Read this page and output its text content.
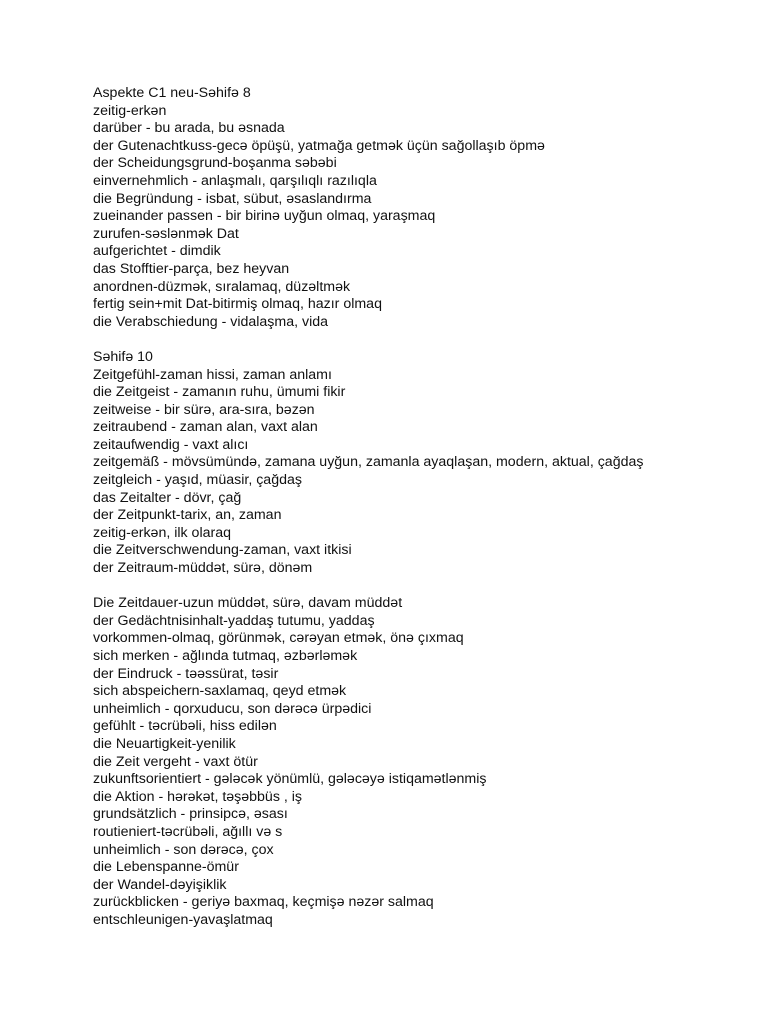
Aspekte C1 neu-Səhifə 8
zeitig-erkən
darüber - bu arada, bu əsnada
der Gutenachtkuss-gecə öpüşü, yatmağa getmək üçün sağollaşıb öpmə
der Scheidungsgrund-boşanma səbəbi
einvernehmlich - anlaşmalı, qarşılıqlı razılıqla
die Begründung - isbat, sübut, əsaslandırma
zueinander passen - bir birinə uyğun olmaq, yaraşmaq
zurufen-səslənmək Dat
aufgerichtet - dimdik
das Stofftier-parça, bez heyvan
anordnen-düzmək, sıralamaq, düzəltmək
fertig sein+mit Dat-bitirmiş olmaq, hazır olmaq
die Verabschiedung - vidalaşma, vida
Səhifə 10
Zeitgefühl-zaman hissi, zaman anlamı
die Zeitgeist - zamanın ruhu, ümumi fikir
zeitweise - bir sürə, ara-sıra, bəzən
zeitraubend - zaman alan, vaxt alan
zeitaufwendig - vaxt alıcı
zeitgemäß - mövsümündə, zamana uyğun, zamanla ayaqlaşan, modern, aktual, çağdaş
zeitgleich - yaşıd, müasir, çağdaş
das Zeitalter - dövr, çağ
der Zeitpunkt-tarix, an, zaman
zeitig-erkən, ilk olaraq
die Zeitverschwendung-zaman, vaxt itkisi
der Zeitraum-müddət, sürə, dönəm
Die Zeitdauer-uzun müddət, sürə, davam müddət
der Gedächtnisinhalt-yaddaş tutumu, yaddaş
vorkommen-olmaq, görünmək, cərəyan etmək, önə çıxmaq
sich merken - ağlında tutmaq, əzbərləmək
der Eindruck - təəssürat, təsir
sich abspeichern-saxlamaq, qeyd etmək
unheimlich - qorxuducu, son dərəcə ürpədici
gefühlt - təcrübəli, hiss edilən
die Neuartigkeit-yenilik
die Zeit vergeht - vaxt ötür
zukunftsorientiert - gələcək yönümlü, gələcəyə istiqamətlənmiş
die Aktion - hərəkət, təşəbbüs , iş
grundsätzlich - prinsipcə, əsası
routieniert-təcrübəli, ağıllı və s
unheimlich - son dərəcə, çox
die Lebenspanne-ömür
der Wandel-dəyişiklik
zurückblicken - geriyə baxmaq, keçmişə nəzər salmaq
entschleunigen-yavaşlatmaq
